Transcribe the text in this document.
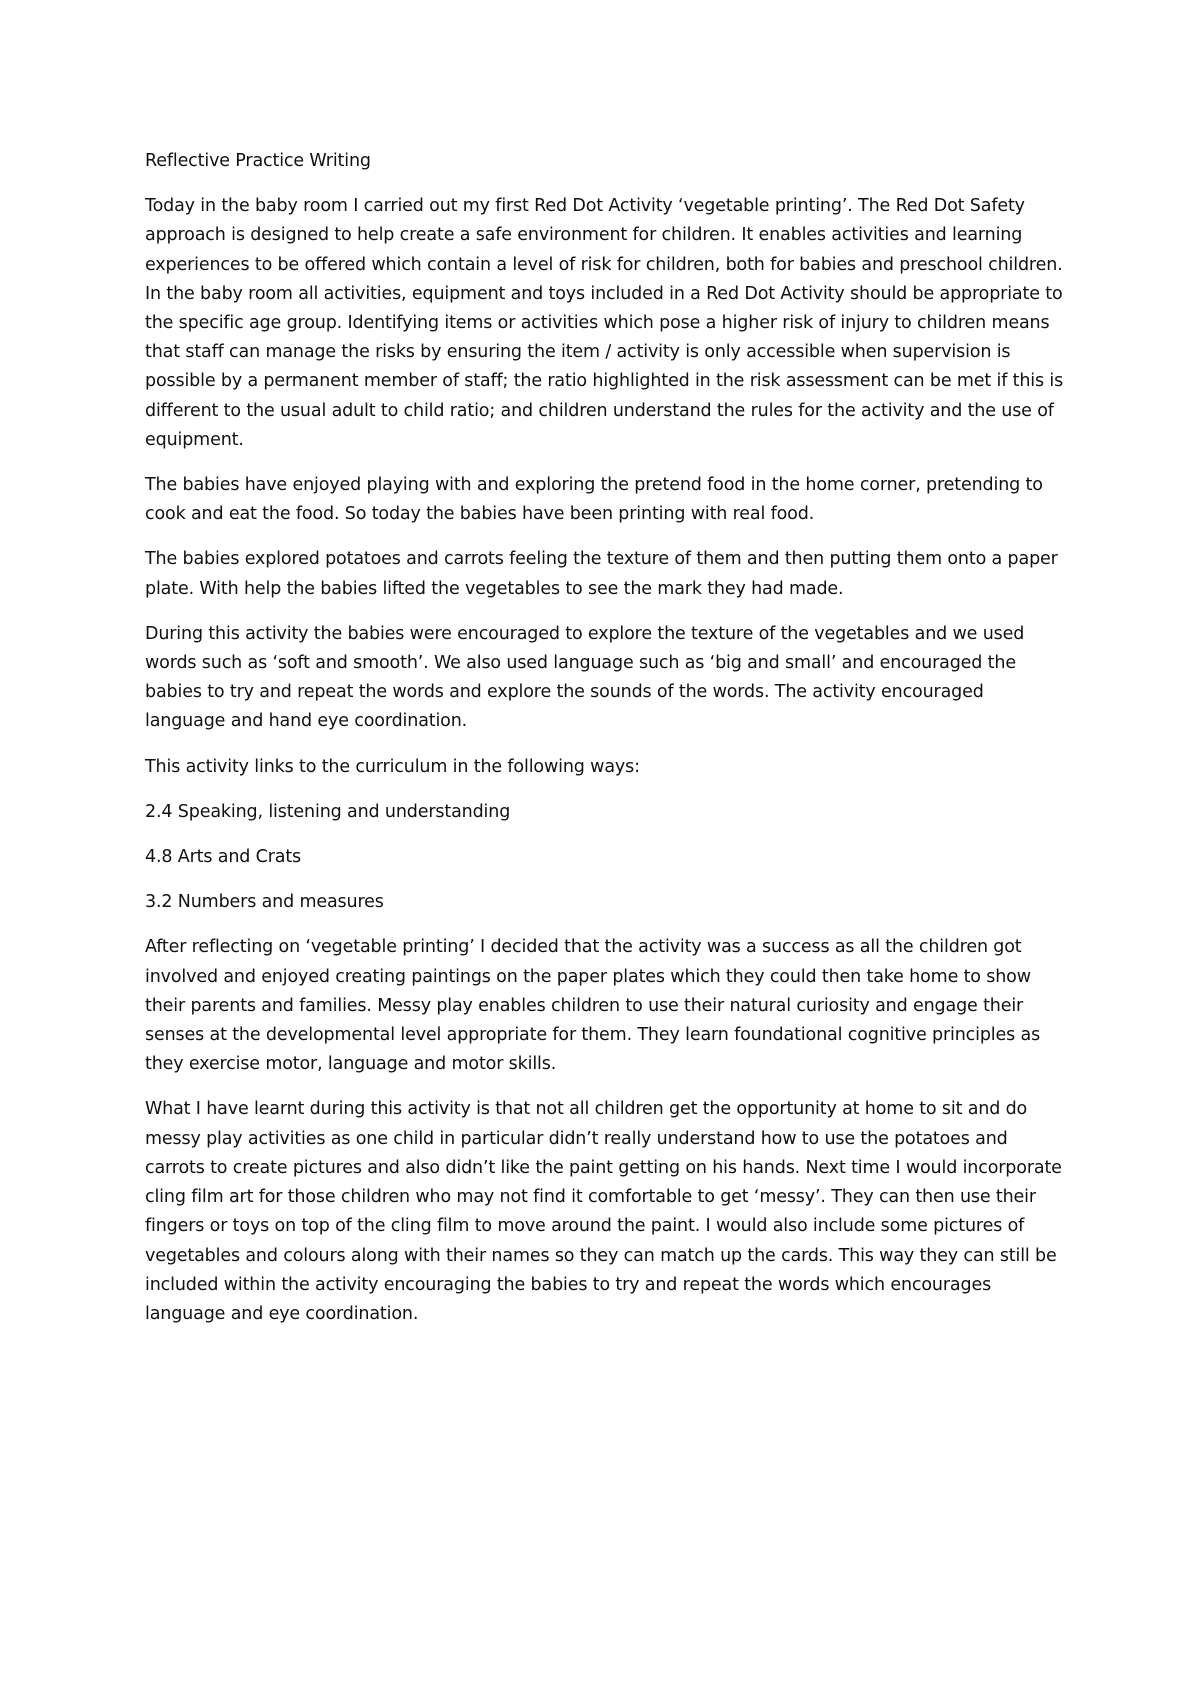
Reflective Practice Writing

Today in the baby room I carried out my first Red Dot Activity ‘vegetable printing’. The Red Dot Safety approach is designed to help create a safe environment for children. It enables activities and learning experiences to be offered which contain a level of risk for children, both for babies and preschool children. In the baby room all activities, equipment and toys included in a Red Dot Activity should be appropriate to the specific age group. Identifying items or activities which pose a higher risk of injury to children means that staff can manage the risks by ensuring the item / activity is only accessible when supervision is possible by a permanent member of staff; the ratio highlighted in the risk assessment can be met if this is different to the usual adult to child ratio; and children understand the rules for the activity and the use of equipment.

The babies have enjoyed playing with and exploring the pretend food in the home corner, pretending to cook and eat the food. So today the babies have been printing with real food.

The babies explored potatoes and carrots feeling the texture of them and then putting them onto a paper plate. With help the babies lifted the vegetables to see the mark they had made.

During this activity the babies were encouraged to explore the texture of the vegetables and we used words such as ‘soft and smooth’. We also used language such as ‘big and small’ and encouraged the babies to try and repeat the words and explore the sounds of the words. The activity encouraged language and hand eye coordination.

This activity links to the curriculum in the following ways:

2.4 Speaking, listening and understanding

4.8 Arts and Crats

3.2 Numbers and measures

After reflecting on ‘vegetable printing’ I decided that the activity was a success as all the children got involved and enjoyed creating paintings on the paper plates which they could then take home to show their parents and families. Messy play enables children to use their natural curiosity and engage their senses at the developmental level appropriate for them. They learn foundational cognitive principles as they exercise motor, language and motor skills.

What I have learnt during this activity is that not all children get the opportunity at home to sit and do messy play activities as one child in particular didn’t really understand how to use the potatoes and carrots to create pictures and also didn’t like the paint getting on his hands. Next time I would incorporate cling film art for those children who may not find it comfortable to get ‘messy’. They can then use their fingers or toys on top of the cling film to move around the paint. I would also include some pictures of vegetables and colours along with their names so they can match up the cards. This way they can still be included within the activity encouraging the babies to try and repeat the words which encourages language and eye coordination.
